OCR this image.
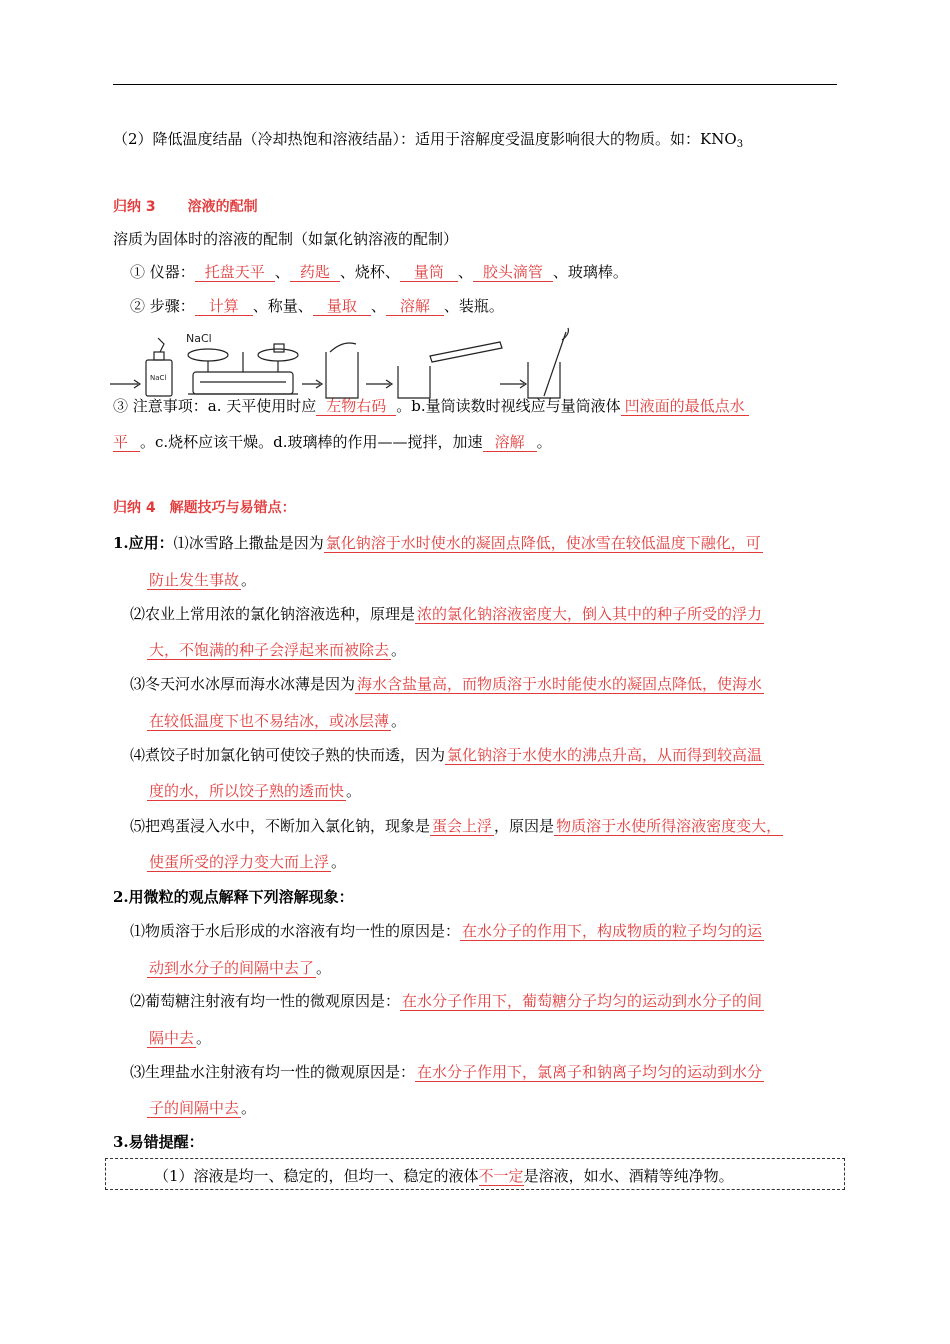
（2）降低温度结晶（冷却热饱和溶液结晶）：适用于溶解度受温度影响很大的物质。如：$KNO_3$
归纳 3 溶液的配制
溶质为固体时的溶液的配制（如氯化钠溶液的配制）
① 仪器： 托盘天平 、 药匙 、烧杯、 量筒 、 胶头滴管 、玻璃棒。
② 步骤： 计算 、称量、 量取 、 溶解 、装瓶。
NaCl
NaCl
③ 注意事项：a. 天平使用时应 左物右码 。b.量筒读数时视线应与量筒液体 凹液面的最低点水
平 。c.烧杯应该干燥。d.玻璃棒的作用——搅拌，加速 溶解 。
归纳 4 解题技巧与易错点：
1.应用：⑴冰雪路上撒盐是因为 氯化钠溶于水时使水的凝固点降低，使冰雪在较低温度下融化，可
防止发生事故 。
⑵农业上常用浓的氯化钠溶液选种，原理是 浓的氯化钠溶液密度大，倒入其中的种子所受的浮力
大，不饱满的种子会浮起来而被除去 。
⑶冬天河水冰厚而海水冰薄是因为 海水含盐量高，而物质溶于水时能使水的凝固点降低，使海水
在较低温度下也不易结冰，或冰层薄 。
⑷煮饺子时加氯化钠可使饺子熟的快而透，因为 氯化钠溶于水使水的沸点升高，从而得到较高温
度的水，所以饺子熟的透而快 。
⑸把鸡蛋浸入水中，不断加入氯化钠，现象是 蛋会上浮 ，原因是 物质溶于水使所得溶液密度变大，
使蛋所受的浮力变大而上浮 。
2.用微粒的观点解释下列溶解现象：
⑴物质溶于水后形成的水溶液有均一性的原因是： 在水分子的作用下，构成物质的粒子均匀的运
动到水分子的间隔中去了 。
⑵葡萄糖注射液有均一性的微观原因是： 在水分子作用下，葡萄糖分子均匀的运动到水分子的间
隔中去 。
⑶生理盐水注射液有均一性的微观原因是： 在水分子作用下，氯离子和钠离子均匀的运动到水分
子的间隔中去 。
3.易错提醒：
（1）溶液是均一、稳定的，但均一、稳定的液体不一定是溶液，如水、酒精等纯净物。
